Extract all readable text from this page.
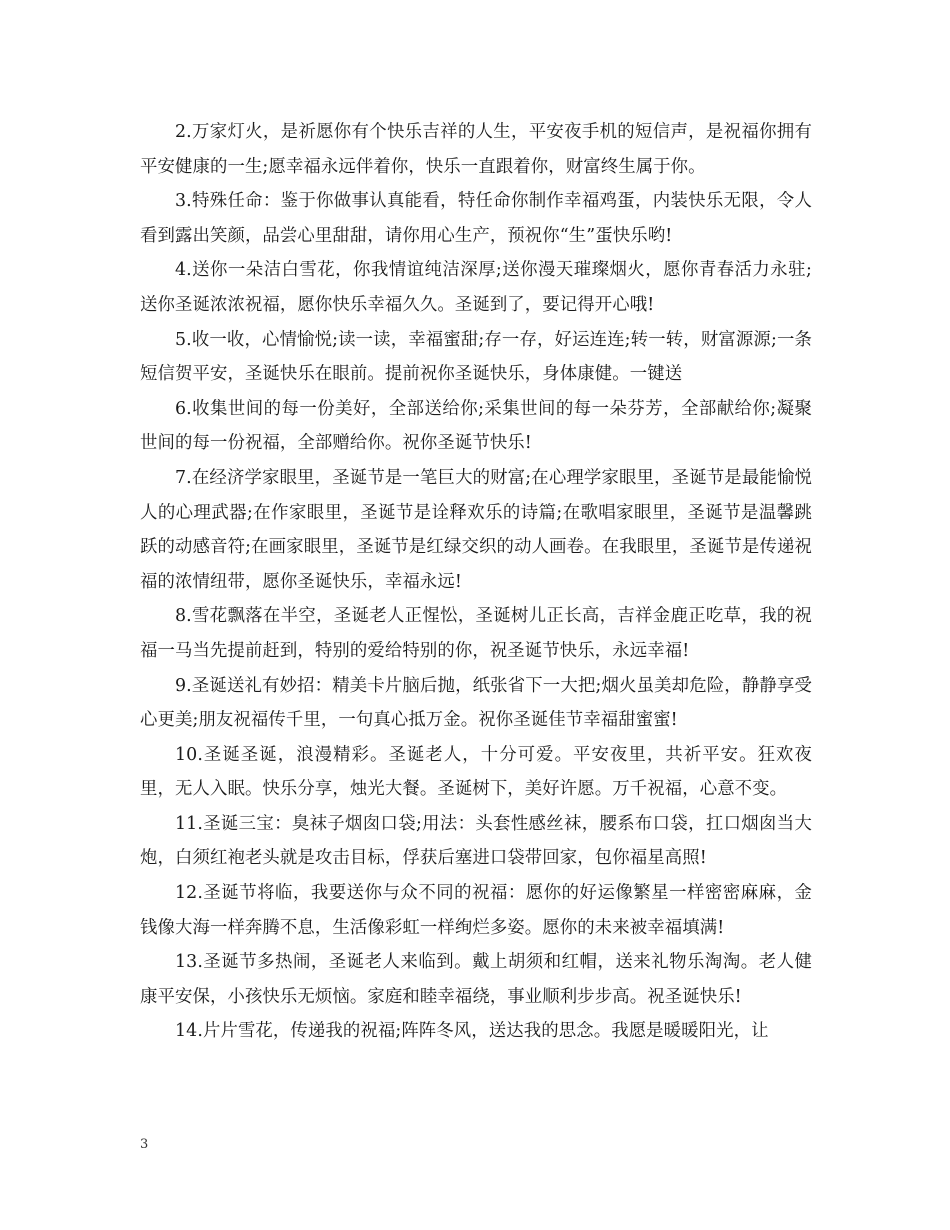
2.万家灯火，是祈愿你有个快乐吉祥的人生，平安夜手机的短信声，是祝福你拥有平安健康的一生;愿幸福永远伴着你，快乐一直跟着你，财富终生属于你。

3.特殊任命：鉴于你做事认真能看，特任命你制作幸福鸡蛋，内装快乐无限，令人看到露出笑颜，品尝心里甜甜，请你用心生产，预祝你“生”蛋快乐哟!

4.送你一朵洁白雪花，你我情谊纯洁深厚;送你漫天璀璨烟火，愿你青春活力永驻;送你圣诞浓浓祝福，愿你快乐幸福久久。圣诞到了，要记得开心哦!

5.收一收，心情愉悦;读一读，幸福蜜甜;存一存，好运连连;转一转，财富源源;一条短信贺平安，圣诞快乐在眼前。提前祝你圣诞快乐，身体康健。一键送

6.收集世间的每一份美好，全部送给你;采集世间的每一朵芬芳，全部献给你;凝聚世间的每一份祝福，全部赠给你。祝你圣诞节快乐!

7.在经济学家眼里，圣诞节是一笔巨大的财富;在心理学家眼里，圣诞节是最能愉悦人的心理武器;在作家眼里，圣诞节是诠释欢乐的诗篇;在歌唱家眼里，圣诞节是温馨跳跃的动感音符;在画家眼里，圣诞节是红绿交织的动人画卷。在我眼里，圣诞节是传递祝福的浓情纽带，愿你圣诞快乐，幸福永远!

8.雪花飘落在半空，圣诞老人正惺忪，圣诞树儿正长高，吉祥金鹿正吃草，我的祝福一马当先提前赶到，特别的爱给特别的你，祝圣诞节快乐，永远幸福!

9.圣诞送礼有妙招：精美卡片脑后抛，纸张省下一大把;烟火虽美却危险，静静享受心更美;朋友祝福传千里，一句真心抵万金。祝你圣诞佳节幸福甜蜜蜜!

10.圣诞圣诞，浪漫精彩。圣诞老人，十分可爱。平安夜里，共祈平安。狂欢夜里，无人入眠。快乐分享，烛光大餐。圣诞树下，美好许愿。万千祝福，心意不变。

11.圣诞三宝：臭袜子烟囱口袋;用法：头套性感丝袜，腰系布口袋，扛口烟囱当大炮，白须红袍老头就是攻击目标，俘获后塞进口袋带回家，包你福星高照!

12.圣诞节将临，我要送你与众不同的祝福：愿你的好运像繁星一样密密麻麻，金钱像大海一样奔腾不息，生活像彩虹一样绚烂多姿。愿你的未来被幸福填满!

13.圣诞节多热闹，圣诞老人来临到。戴上胡须和红帽，送来礼物乐淘淘。老人健康平安保，小孩快乐无烦恼。家庭和睦幸福绕，事业顺利步步高。祝圣诞快乐!

14.片片雪花，传递我的祝福;阵阵冬风，送达我的思念。我愿是暖暖阳光，让

3
